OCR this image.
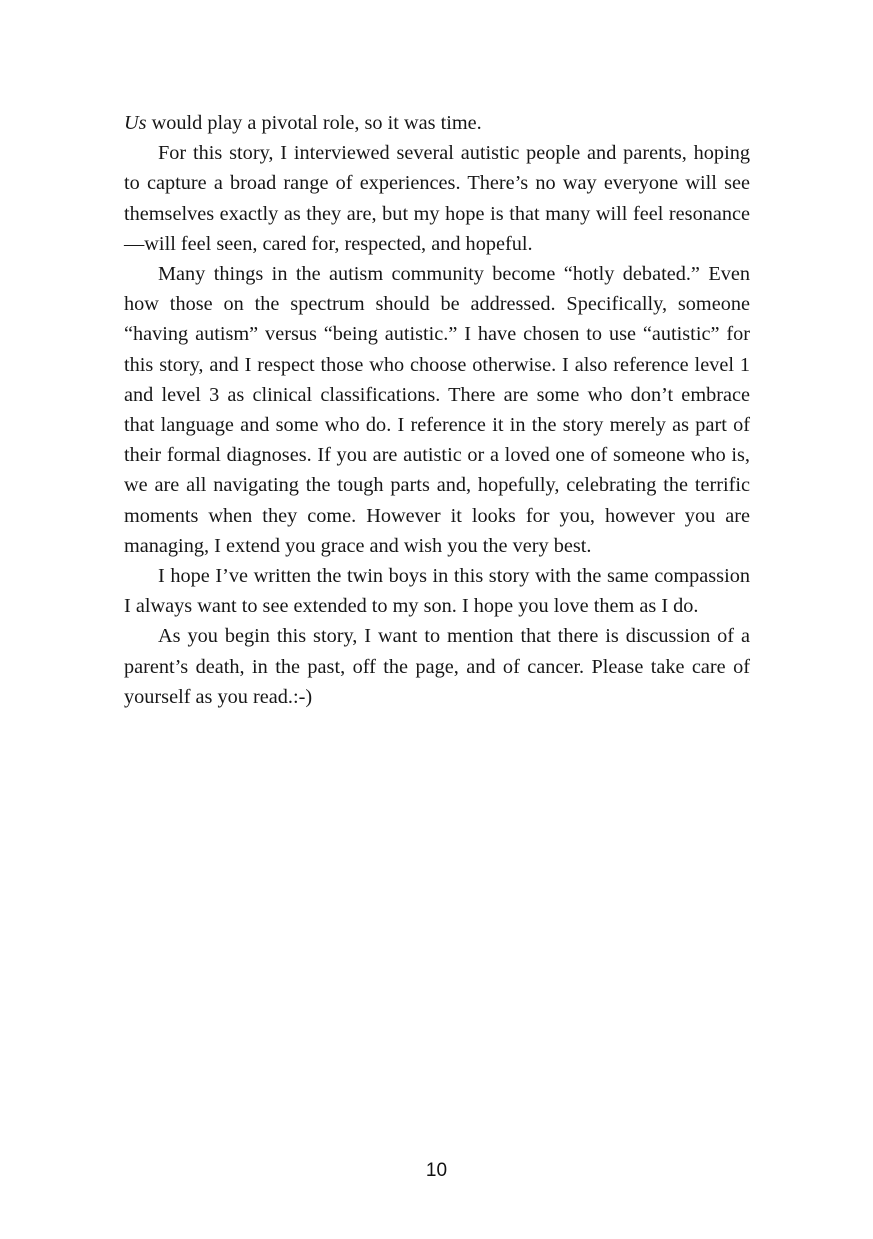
Us would play a pivotal role, so it was time.

For this story, I interviewed several autistic people and parents, hoping to capture a broad range of experiences. There’s no way everyone will see themselves exactly as they are, but my hope is that many will feel resonance—will feel seen, cared for, respected, and hopeful.

Many things in the autism community become “hotly debated.” Even how those on the spectrum should be addressed. Specifically, someone “having autism” versus “being autistic.” I have chosen to use “autistic” for this story, and I respect those who choose otherwise. I also reference level 1 and level 3 as clinical classifications. There are some who don’t embrace that language and some who do. I reference it in the story merely as part of their formal diagnoses. If you are autistic or a loved one of someone who is, we are all navigating the tough parts and, hopefully, celebrating the terrific moments when they come. However it looks for you, however you are managing, I extend you grace and wish you the very best.

I hope I’ve written the twin boys in this story with the same compassion I always want to see extended to my son. I hope you love them as I do.

As you begin this story, I want to mention that there is discussion of a parent’s death, in the past, off the page, and of cancer. Please take care of yourself as you read.:-)

10
